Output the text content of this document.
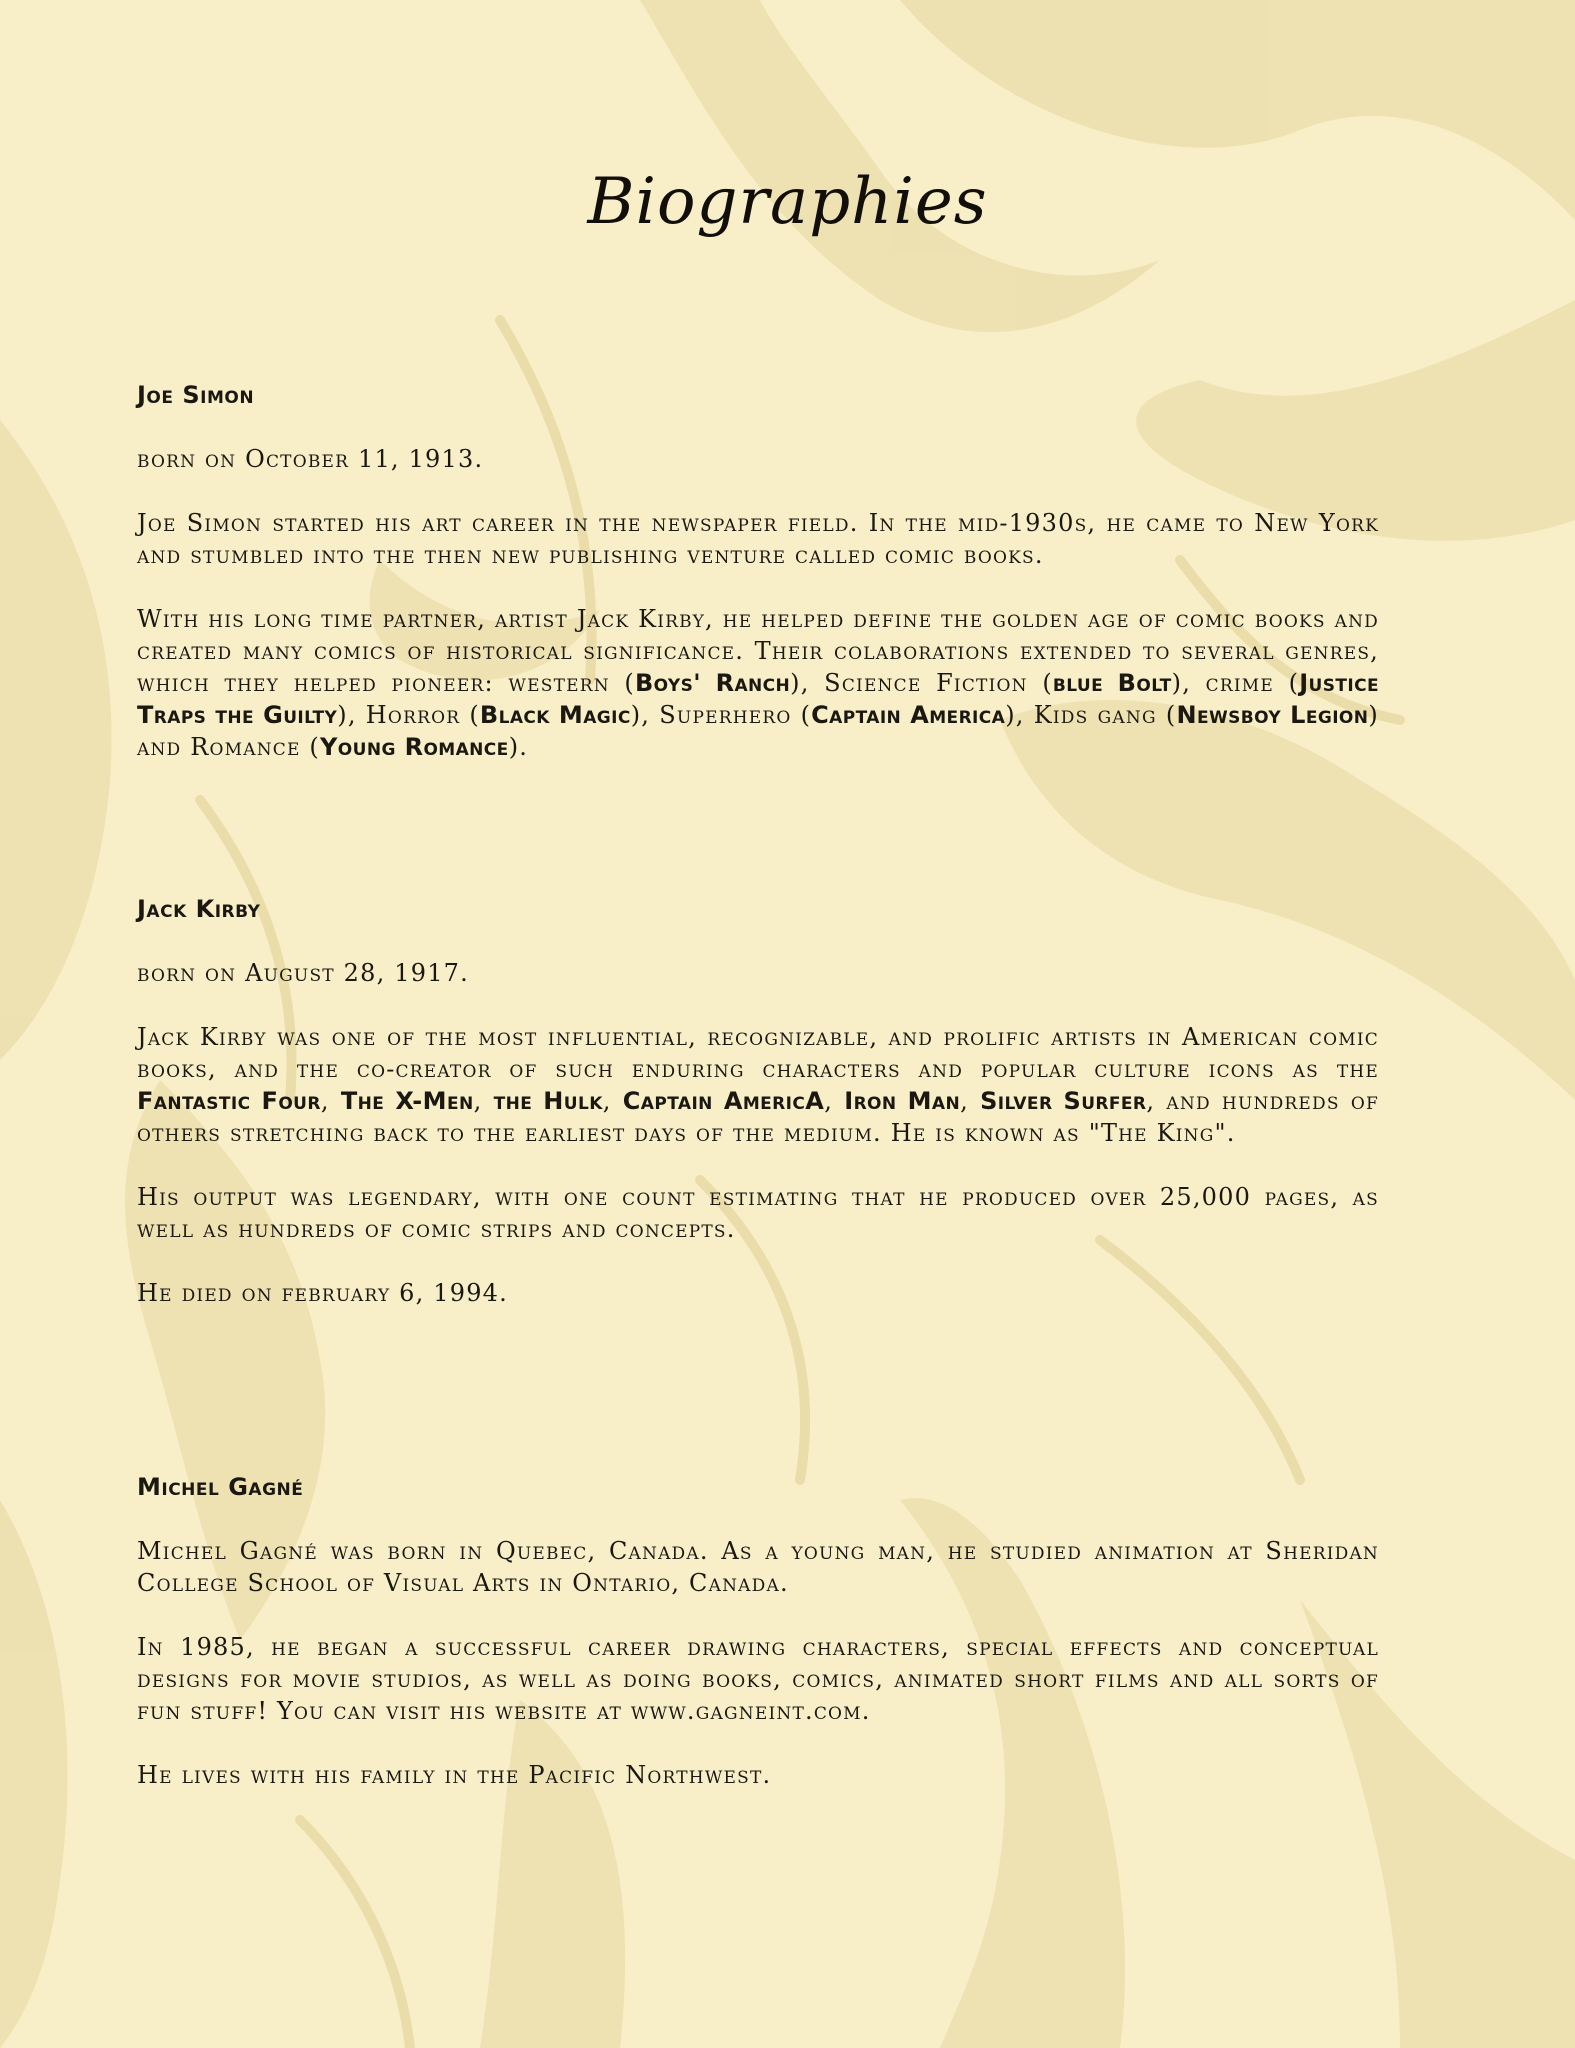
Biographies
Joe Simon

born on October 11, 1913.

Joe Simon started his art career in the newspaper field. In the mid-1930s, he came to New York and stumbled into the then new publishing venture called comic books.

With his long time partner, artist Jack Kirby, he helped define the golden age of comic books and created many comics of historical significance. Their colaborations extended to several genres, which they helped pioneer: western (Boys' Ranch), Science Fiction (blue Bolt), crime (Justice Traps the Guilty), Horror (Black Magic), Superhero (Captain America), Kids gang (Newsboy Legion) and Romance (Young Romance).

Jack Kirby

born on August 28, 1917.

Jack Kirby was one of the most influential, recognizable, and prolific artists in American comic books, and the co-creator of such enduring characters and popular culture icons as the Fantastic Four, The X-Men, the Hulk, Captain AmericA, Iron Man, Silver Surfer, and hundreds of others stretching back to the earliest days of the medium. He is known as "The King".

His output was legendary, with one count estimating that he produced over 25,000 pages, as well as hundreds of comic strips and concepts.

He died on february 6, 1994.

Michel Gagné

Michel Gagné was born in Quebec, Canada. As a young man, he studied animation at Sheridan College School of Visual Arts in Ontario, Canada.

In 1985, he began a successful career drawing characters, special effects and conceptual designs for movie studios, as well as doing books, comics, animated short films and all sorts of fun stuff! You can visit his website at www.gagneint.com.

He lives with his family in the Pacific Northwest.
